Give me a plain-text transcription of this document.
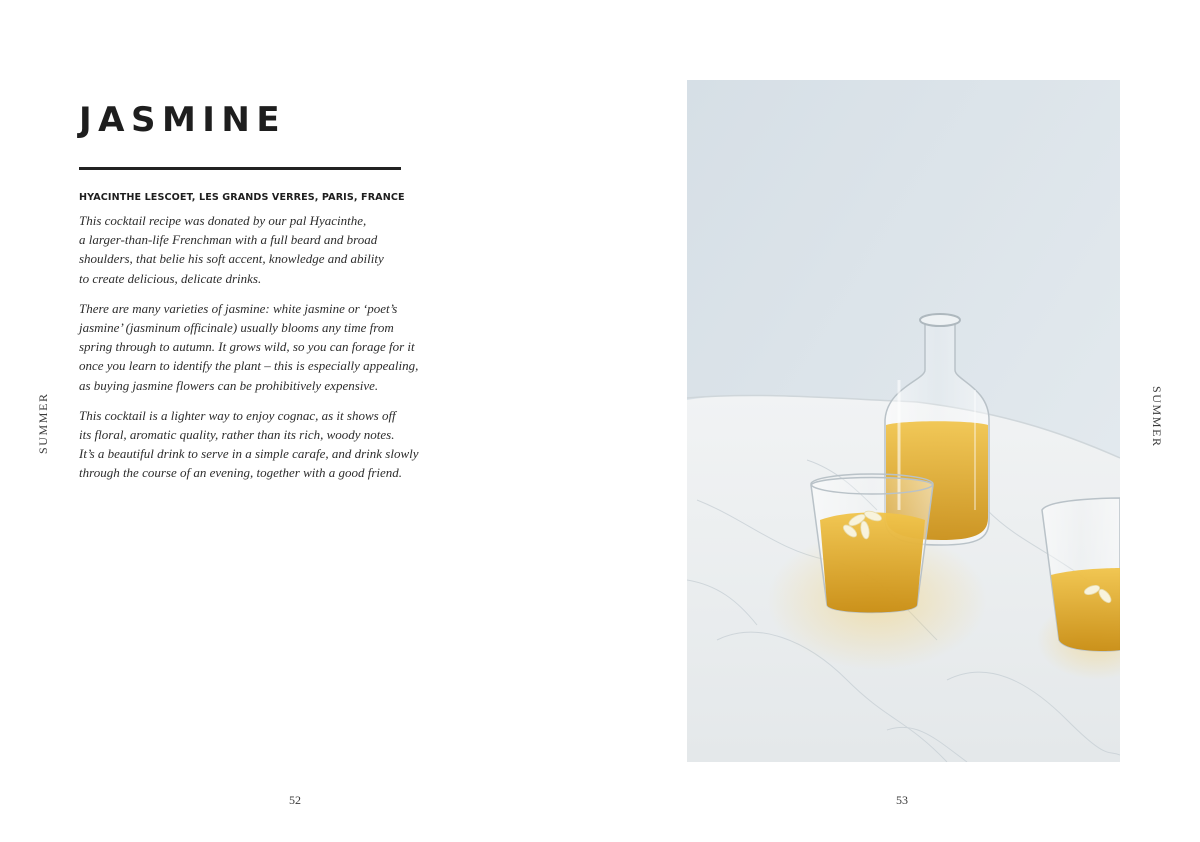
JASMINE
HYACINTHE LESCOET, LES GRANDS VERRES, PARIS, FRANCE

This cocktail recipe was donated by our pal Hyacinthe,
a larger-than-life Frenchman with a full beard and broad
shoulders, that belie his soft accent, knowledge and ability
to create delicious, delicate drinks.

There are many varieties of jasmine: white jasmine or ‘poet’s
jasmine’ (jasminum officinale) usually blooms any time from
spring through to autumn. It grows wild, so you can forage for it
once you learn to identify the plant – this is especially appealing,
as buying jasmine flowers can be prohibitively expensive.

This cocktail is a lighter way to enjoy cognac, as it shows off
its floral, aromatic quality, rather than its rich, woody notes.
It’s a beautiful drink to serve in a simple carafe, and drink slowly
through the course of an evening, together with a good friend.

SUMMER
52
SUMMER
53
